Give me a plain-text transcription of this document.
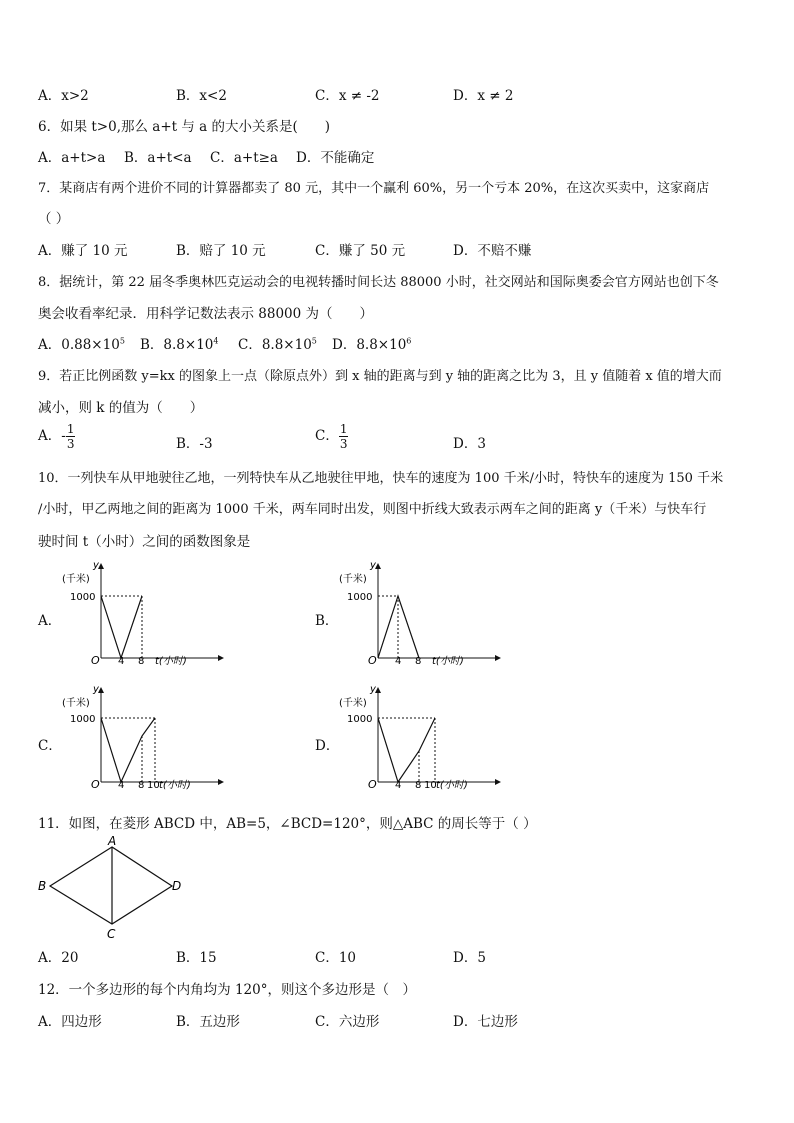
A．x>2	B．x<2	C．x ≠ -2	D．x ≠ 2
6．如果 t>0,那么 a+t 与 a 的大小关系是(　　)
A．a+t>a B．a+t<a C．a+t≥a D．不能确定
7．某商店有两个进价不同的计算器都卖了 80 元，其中一个赢利 60%，另一个亏本 20%，在这次买卖中，这家商店
（ ）
A．赚了 10 元	B．赔了 10 元	C．赚了 50 元	D．不赔不赚
8．据统计，第 22 届冬季奥林匹克运动会的电视转播时间长达 88000 小时，社交网站和国际奥委会官方网站也创下冬
奥会收看率纪录．用科学记数法表示 88000 为（　　）
A．$0.88\times 10^5$ B．$8.8\times 10^4$ C．$8.8\times 10^5$ D．$8.8\times 10^6$
9．若正比例函数 y=kx 的图象上一点（除原点外）到 x 轴的距离与到 y 轴的距离之比为 3，且 y 值随着 x 值的增大而
减小，则 k 的值为（　　）
A．- $\frac{1}{3}$	B．-3	C． $\frac{1}{3}$	D．3
10．一列快车从甲地驶往乙地，一列特快车从乙地驶往甲地，快车的速度为 100 千米/小时，特快车的速度为 150 千米
/小时，甲乙两地之间的距离为 1000 千米，两车同时出发，则图中折线大致表示两车之间的距离 y（千米）与快车行
驶时间 t（小时）之间的函数图象是
A．	B．
C．	D．
y
(千米)
1000
O 4 8 t(小时)
y
(千米)
1000
O 4 8 t(小时)
y
(千米)
1000
O 4 8 10 t(小时)
y
(千米)
1000
O 4 8 10 t(小时)
11．如图，在菱形 ABCD 中，AB=5，∠BCD=120°，则△ABC 的周长等于（ ）
A
B
C
D
A．20	B．15	C．10	D．5
12．一个多边形的每个内角均为 120°，则这个多边形是（　）
A．四边形	B．五边形	C．六边形	D．七边形
